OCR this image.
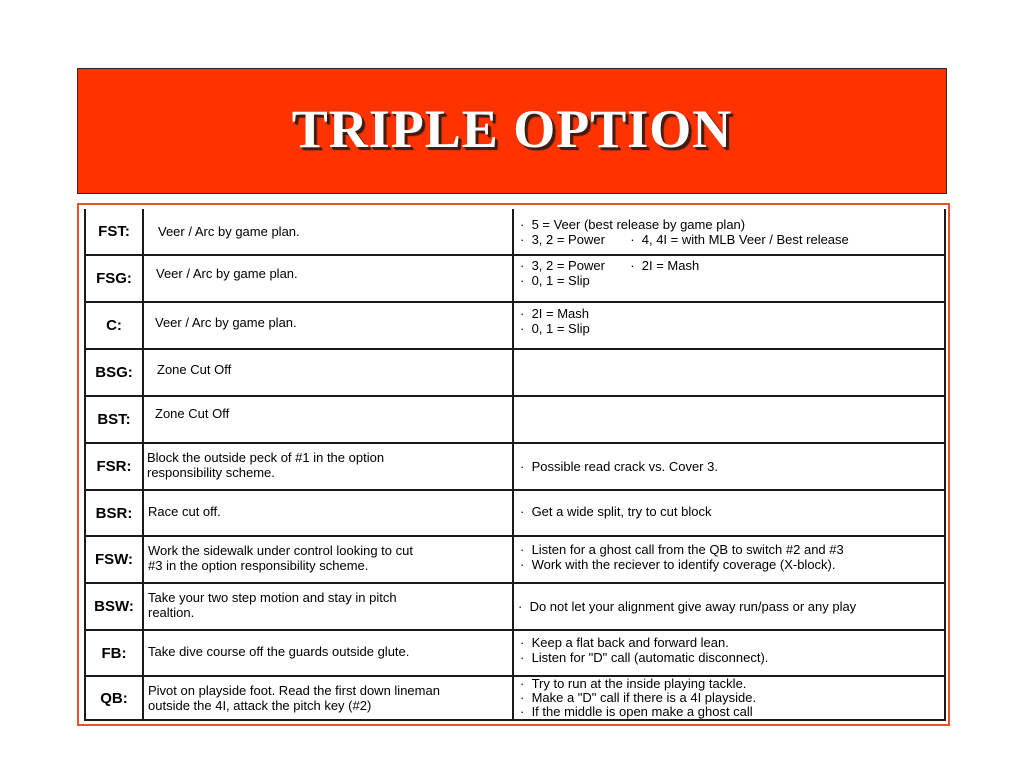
TRIPLE OPTION
FST:	Veer / Arc by game plan.	·  5 = Veer (best release by game plan)
·  3, 2 = Power       ·  4, 4I = with MLB Veer / Best release
FSG:	Veer / Arc by game plan.
·  3, 2 = Power       ·  2I = Mash
·  0, 1 = Slip
C:	Veer / Arc by game plan.
·  2I = Mash
·  0, 1 = Slip
BSG:	Zone Cut Off
BST:	Zone Cut Off
FSR:
Block the outside peck of #1 in the option
responsibility scheme.	·  Possible read crack vs. Cover 3.
BSR:	Race cut off.	·  Get a wide split, try to cut block
FSW:
Work the sidewalk under control looking to cut
#3 in the option responsibility scheme.
·  Listen for a ghost call from the QB to switch #2 and #3
·  Work with the reciever to identify coverage (X-block).
BSW:
Take your two step motion and stay in pitch
realtion.	·  Do not let your alignment give away run/pass or any play
FB:	Take dive course off the guards outside glute.
·  Keep a flat back and forward lean.
·  Listen for "D" call (automatic disconnect).
QB:	Pivot on playside foot. Read the first down lineman
outside the 4I, attack the pitch key (#2)
·  Try to run at the inside playing tackle.
·  Make a "D" call if there is a 4I playside.
·  If the middle is open make a ghost call
